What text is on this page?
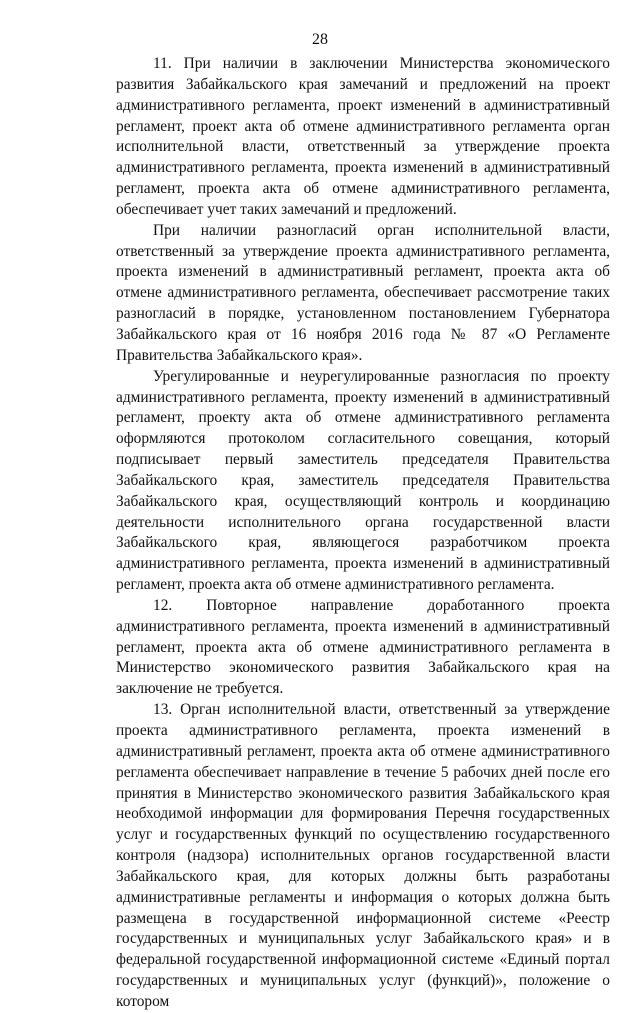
28

11. При наличии в заключении Министерства экономического развития Забайкальского края замечаний и предложений на проект административного регламента, проект изменений в административный регламент, проект акта об отмене административного регламента орган исполнительной власти, ответственный за утверждение проекта административного регламента, проекта изменений в административный регламент, проекта акта об отмене административного регламента, обеспечивает учет таких замечаний и предложений.

При наличии разногласий орган исполнительной власти, ответственный за утверждение проекта административного регламента, проекта изменений в административный регламент, проекта акта об отмене административного регламента, обеспечивает рассмотрение таких разногласий в порядке, установленном постановлением Губернатора Забайкальского края от 16 ноября 2016 года № 87 «О Регламенте Правительства Забайкальского края».

Урегулированные и неурегулированные разногласия по проекту административного регламента, проекту изменений в административный регламент, проекту акта об отмене административного регламента оформляются протоколом согласительного совещания, который подписывает первый заместитель председателя Правительства Забайкальского края, заместитель председателя Правительства Забайкальского края, осуществляющий контроль и координацию деятельности исполнительного органа государственной власти Забайкальского края, являющегося разработчиком проекта административного регламента, проекта изменений в административный регламент, проекта акта об отмене административного регламента.

12. Повторное направление доработанного проекта административного регламента, проекта изменений в административный регламент, проекта акта об отмене административного регламента в Министерство экономического развития Забайкальского края на заключение не требуется.

13. Орган исполнительной власти, ответственный за утверждение проекта административного регламента, проекта изменений в административный регламент, проекта акта об отмене административного регламента обеспечивает направление в течение 5 рабочих дней после его принятия в Министерство экономического развития Забайкальского края необходимой информации для формирования Перечня государственных услуг и государственных функций по осуществлению государственного контроля (надзора) исполнительных органов государственной власти Забайкальского края, для которых должны быть разработаны административные регламенты и информация о которых должна быть размещена в государственной информационной системе «Реестр государственных и муниципальных услуг Забайкальского края» и в федеральной государственной информационной системе «Единый портал государственных и муниципальных услуг (функций)», положение о котором
